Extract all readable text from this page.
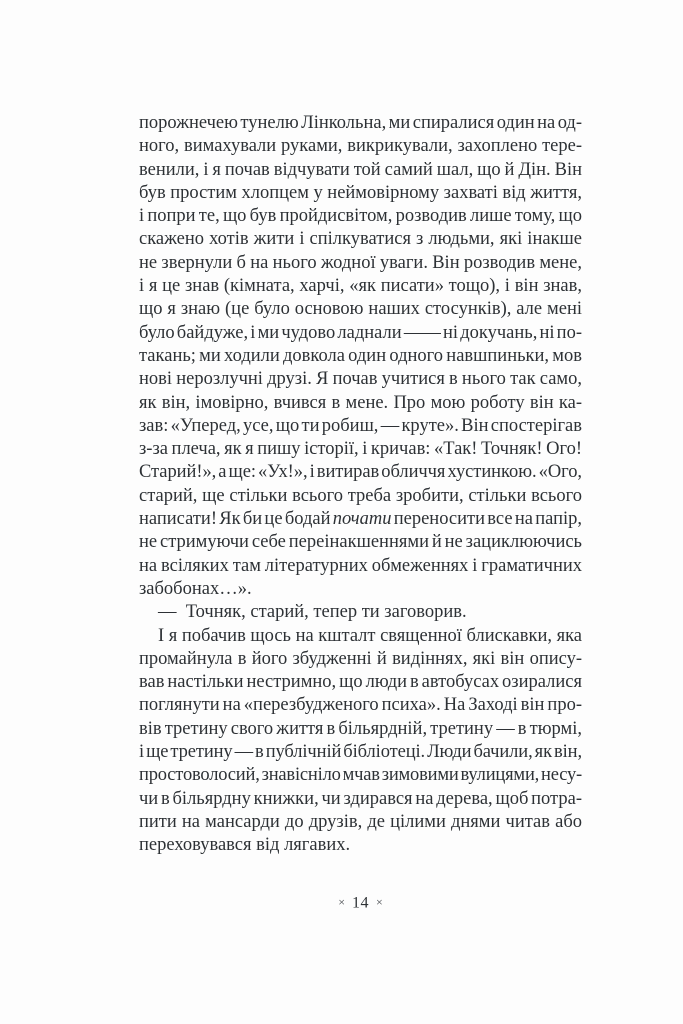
порожнечею тунелю Лінкольна, ми спиралися один на од-
ного, вимахували руками, викрикували, захоплено тере-
венили, і я почав відчувати той самий шал, що й Дін. Він
був простим хлопцем у неймовірному захваті від життя,
і попри те, що був пройдисвітом, розводив лише тому, що
скажено хотів жити і спілкуватися з людьми, які інакше
не звернули б на нього жодної уваги. Він розводив мене,
і я це знав (кімната, харчі, «як писати» тощо), і він знав,
що я знаю (це було основою наших стосунків), але мені
було байдуже, і ми чудово ладнали —— ні докучань, ні по-
такань; ми ходили довкола один одного навшпиньки, мов
нові нерозлучні друзі. Я почав учитися в нього так само,
як він, імовірно, вчився в мене. Про мою роботу він ка-
зав: «Уперед, усе, що ти робиш, — круте». Він спостерігав
з-за плеча, як я пишу історії, і кричав: «Так! Точняк! Ого!
Старий!», а ще: «Ух!», і витирав обличчя хустинкою. «Ого,
старий, ще стільки всього треба зробити, стільки всього
написати! Як би це бодай почати переносити все на папір,
не стримуючи себе переінакшеннями й не зациклюючись
на всіляких там літературних обмеженнях і граматичних
забобонах…».
— Точняк, старий, тепер ти заговорив.
І я побачив щось на кшталт священної блискавки, яка
промайнула в його збудженні й видіннях, які він опису-
вав настільки нестримно, що люди в автобусах озиралися
поглянути на «перезбудженого психа». На Заході він про-
вів третину свого життя в більярдній, третину — в тюрмі,
і ще третину — в публічній бібліотеці. Люди бачили, як він,
простоволосий, знавісніло мчав зимовими вулицями, несу-
чи в більярдну книжки, чи здирався на дерева, щоб потра-
пити на мансарди до друзів, де цілими днями читав або
переховувався від лягавих.
× 14 ×
